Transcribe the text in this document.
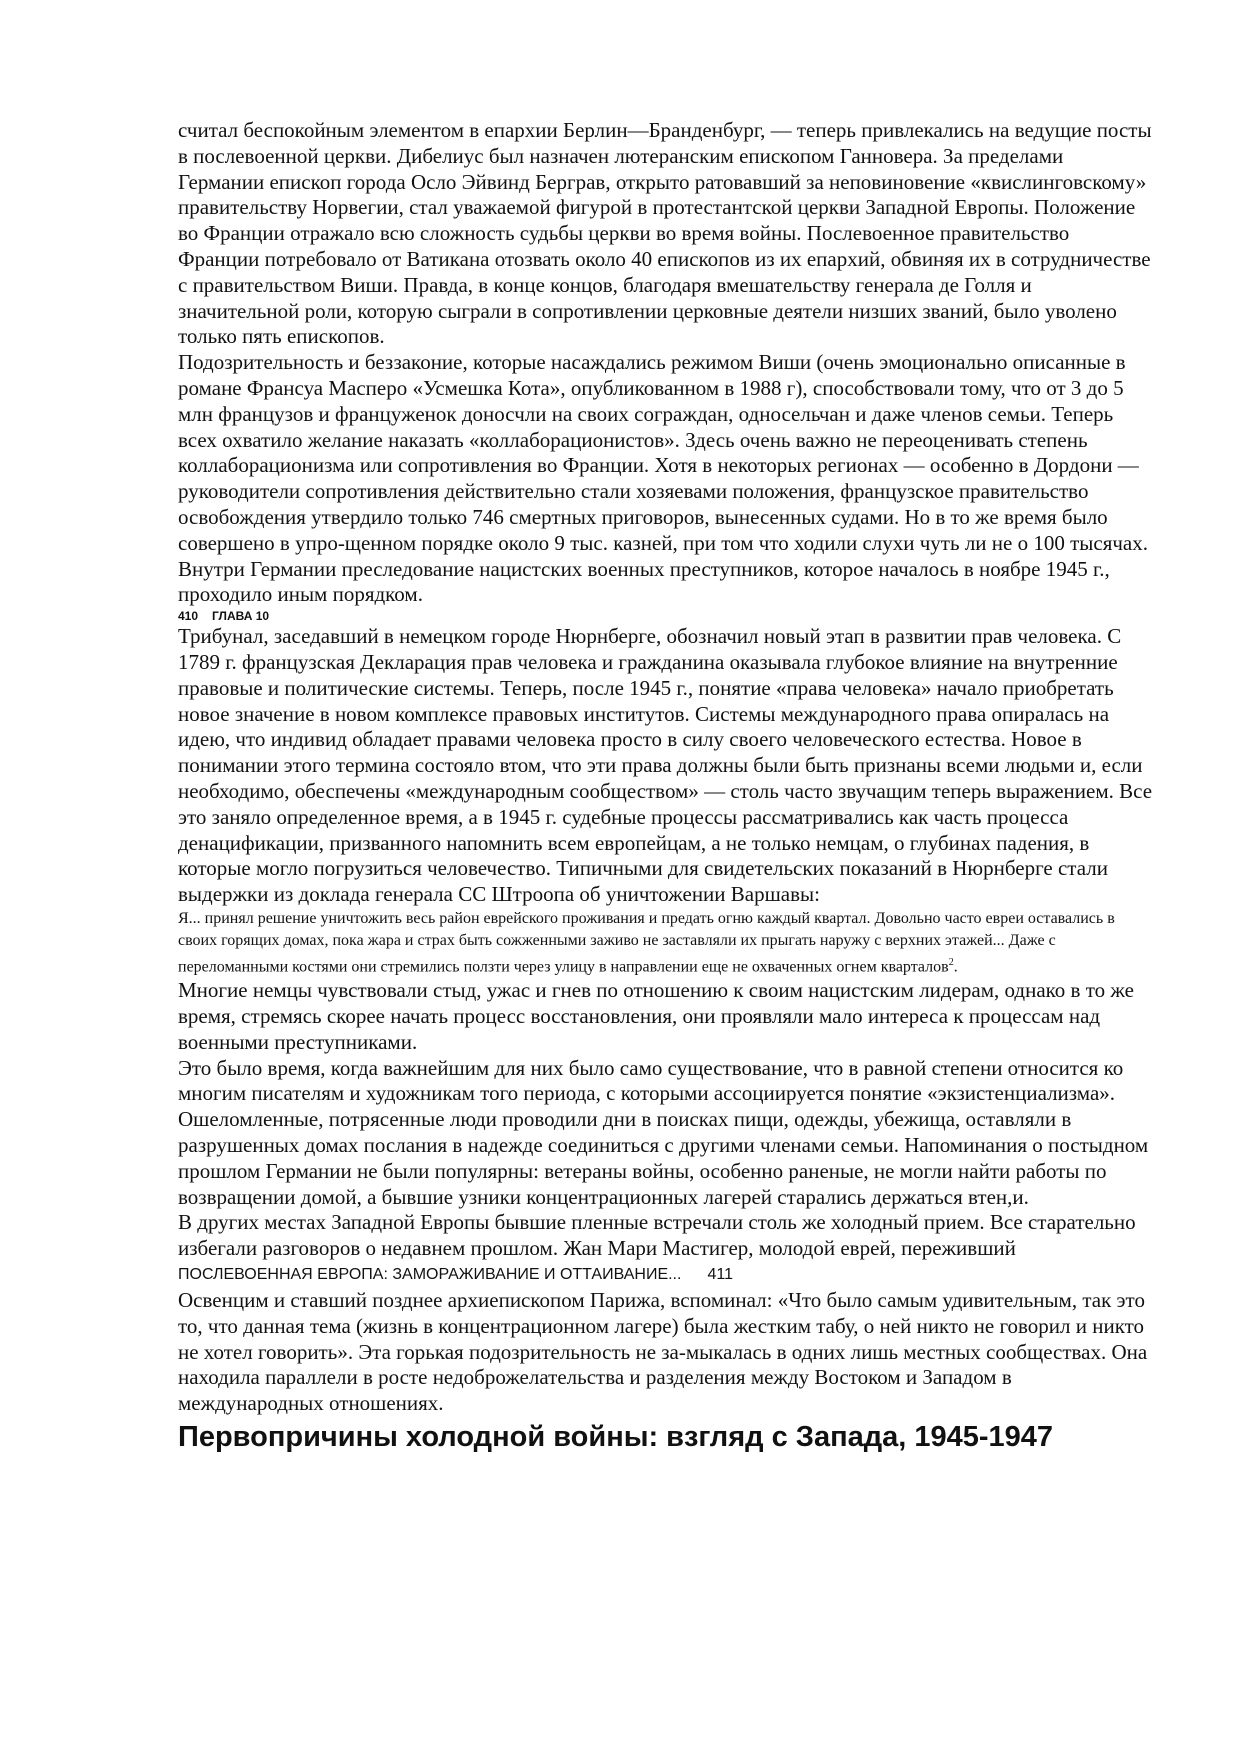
считал беспокойным элементом в епархии Берлин—Бранденбург, — теперь привлекались на ведущие посты в послевоенной церкви. Дибелиус был назначен лютеранским епископом Ганновера. За пределами Германии епископ города Осло Эйвинд Берграв, открыто ратовавший за неповиновение «квислинговскому» правительству Норвегии, стал уважаемой фигурой в протестантской церкви Западной Европы. Положение во Франции отражало всю сложность судьбы церкви во время войны. Послевоенное правительство Франции потребовало от Ватикана отозвать около 40 епископов из их епархий, обвиняя их в сотрудничестве с правительством Виши. Правда, в конце концов, благодаря вмешательству генерала де Голля и значительной роли, которую сыграли в сопротивлении церковные деятели низших званий, было уволено только пять епископов.

Подозрительность и беззаконие, которые насаждались режимом Виши (очень эмоционально описанные в романе Франсуа Масперо «Усмешка Кота», опубликованном в 1988 г), способствовали тому, что от 3 до 5 млн французов и француженок доносчли на своих сограждан, односельчан и даже членов семьи. Теперь всех охватило желание наказать «коллаборационистов». Здесь очень важно не переоценивать степень коллаборационизма или сопротивления во Франции. Хотя в некоторых регионах — особенно в Дордони — руководители сопротивления действительно стали хозяевами положения, французское правительство освобождения утвердило только 746 смертных приговоров, вынесенных судами. Но в то же время было совершено в упро-щенном порядке около 9 тыс. казней, при том что ходили слухи чуть ли не о 100 тысячах. Внутри Германии преследование нацистских военных преступников, которое началось в ноябре 1945 г., проходило иным порядком.

410 ГЛАВА 10

Трибунал, заседавший в немецком городе Нюрнберге, обозначил новый этап в развитии прав человека. С 1789 г. французская Декларация прав человека и гражданина оказывала глубокое влияние на внутренние правовые и политические системы. Теперь, после 1945 г., понятие «права человека» начало приобретать новое значение в новом комплексе правовых институтов. Системы международного права опиралась на идею, что индивид обладает правами человека просто в силу своего человеческого естества. Новое в понимании этого термина состояло втом, что эти права должны были быть признаны всеми людьми и, если необходимо, обеспечены «международным сообществом» — столь часто звучащим теперь выражением. Все это заняло определенное время, а в 1945 г. судебные процессы рассматривались как часть процесса денацификации, призванного напомнить всем европейцам, а не только немцам, о глубинах падения, в которые могло погрузиться человечество. Типичными для свидетельских показаний в Нюрнберге стали выдержки из доклада генерала СС Штроопа об уничтожении Варшавы:

Я... принял решение уничтожить весь район еврейского проживания и предать огню каждый квартал. Довольно часто евреи оставались в своих горящих домах, пока жара и страх быть сожженными заживо не заставляли их прыгать наружу с верхних этажей... Даже с переломанными костями они стремились ползти через улицу в направлении еще не охваченных огнем кварталов$^2$.

Многие немцы чувствовали стыд, ужас и гнев по отношению к своим нацистским лидерам, однако в то же время, стремясь скорее начать процесс восстановления, они проявляли мало интереса к процессам над военными преступниками.

Это было время, когда важнейшим для них было само существование, что в равной степени относится ко многим писателям и художникам того периода, с которыми ассоциируется понятие «экзистенциализма». Ошеломленные, потрясенные люди проводили дни в поисках пищи, одежды, убежища, оставляли в разрушенных домах послания в надежде соединиться с другими членами семьи. Напоминания о постыдном прошлом Германии не были популярны: ветераны войны, особенно раненые, не могли найти работы по возвращении домой, а бывшие узники концентрационных лагерей старались держаться втен,и.

В других местах Западной Европы бывшие пленные встречали столь же холодный прием. Все старательно избегали разговоров о недавнем прошлом. Жан Мари Мастигер, молодой еврей, переживший

ПОСЛЕВОЕННАЯ ЕВРОПА: ЗАМОРАЖИВАНИЕ И ОТТАИВАНИЕ... 411

Освенцим и ставший позднее архиепископом Парижа, вспоминал: «Что было самым удивительным, так это то, что данная тема (жизнь в концентрационном лагере) была жестким табу, о ней никто не говорил и никто не хотел говорить». Эта горькая подозрительность не за-мыкалась в одних лишь местных сообществах. Она находила параллели в росте недоброжелательства и разделения между Востоком и Западом в международных отношениях.

Первопричины холодной войны: взгляд с Запада, 1945-1947
